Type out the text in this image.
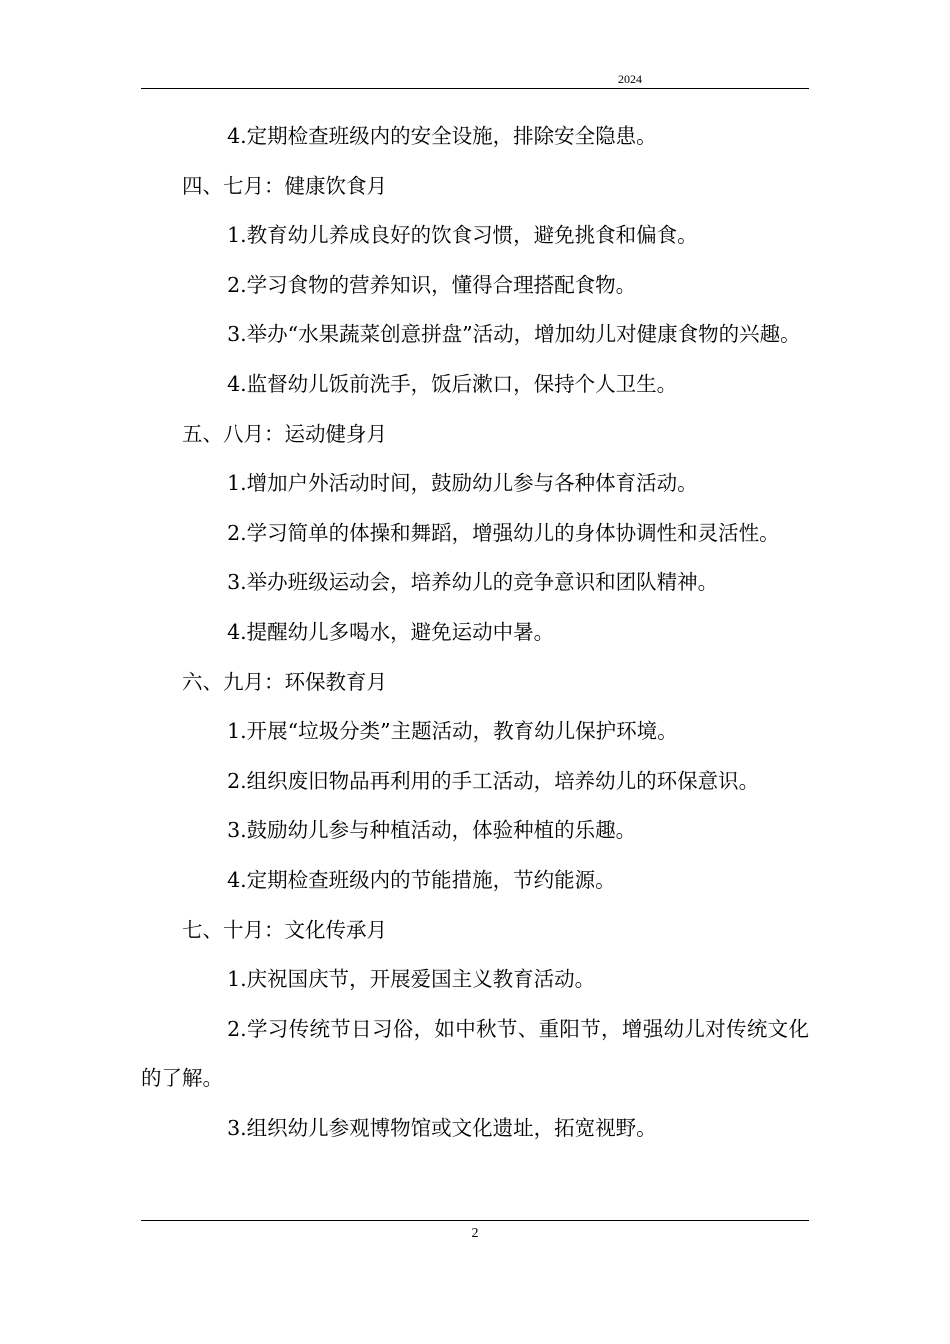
2024

4.定期检查班级内的安全设施，排除安全隐患。

四、七月：健康饮食月

1.教育幼儿养成良好的饮食习惯，避免挑食和偏食。

2.学习食物的营养知识，懂得合理搭配食物。

3.举办“水果蔬菜创意拼盘”活动，增加幼儿对健康食物的兴趣。

4.监督幼儿饭前洗手，饭后漱口，保持个人卫生。

五、八月：运动健身月

1.增加户外活动时间，鼓励幼儿参与各种体育活动。

2.学习简单的体操和舞蹈，增强幼儿的身体协调性和灵活性。

3.举办班级运动会，培养幼儿的竞争意识和团队精神。

4.提醒幼儿多喝水，避免运动中暑。

六、九月：环保教育月

1.开展“垃圾分类”主题活动，教育幼儿保护环境。

2.组织废旧物品再利用的手工活动，培养幼儿的环保意识。

3.鼓励幼儿参与种植活动，体验种植的乐趣。

4.定期检查班级内的节能措施，节约能源。

七、十月：文化传承月

1.庆祝国庆节，开展爱国主义教育活动。

2.学习传统节日习俗，如中秋节、重阳节，增强幼儿对传统文化的了解。

3.组织幼儿参观博物馆或文化遗址，拓宽视野。

2
